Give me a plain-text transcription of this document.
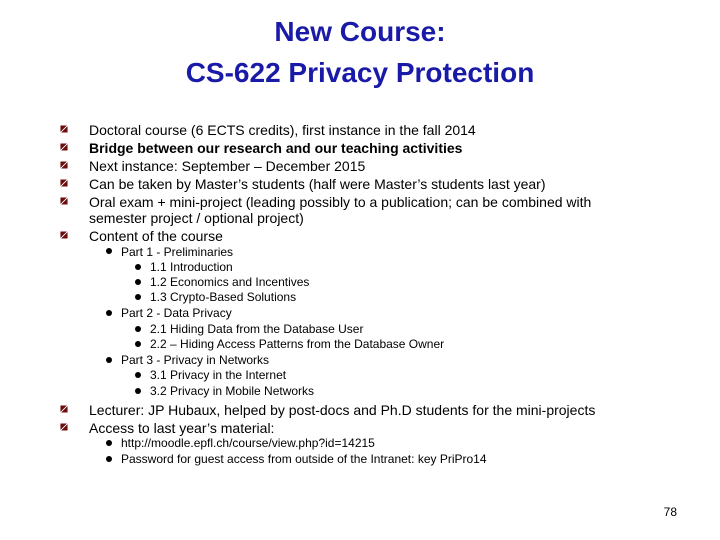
New Course:
CS-622 Privacy Protection
Doctoral course (6 ECTS credits), first instance in the fall 2014
Bridge between our research and our teaching activities
Next instance: September – December 2015
Can be taken by Master’s students (half were Master’s students last year)
Oral exam + mini-project (leading possibly to a publication; can be combined with
semester project / optional project)
Content of the course
Part 1 - Preliminaries
1.1 Introduction
1.2 Economics and Incentives
1.3 Crypto-Based Solutions
Part 2 - Data Privacy
2.1 Hiding Data from the Database User
2.2 – Hiding Access Patterns from the Database Owner
Part 3 - Privacy in Networks
3.1 Privacy in the Internet
3.2 Privacy in Mobile Networks
Lecturer: JP Hubaux, helped by post-docs and Ph.D students for the mini-projects
Access to last year’s material:
http://moodle.epfl.ch/course/view.php?id=14215
Password for guest access from outside of the Intranet: key PriPro14
78
